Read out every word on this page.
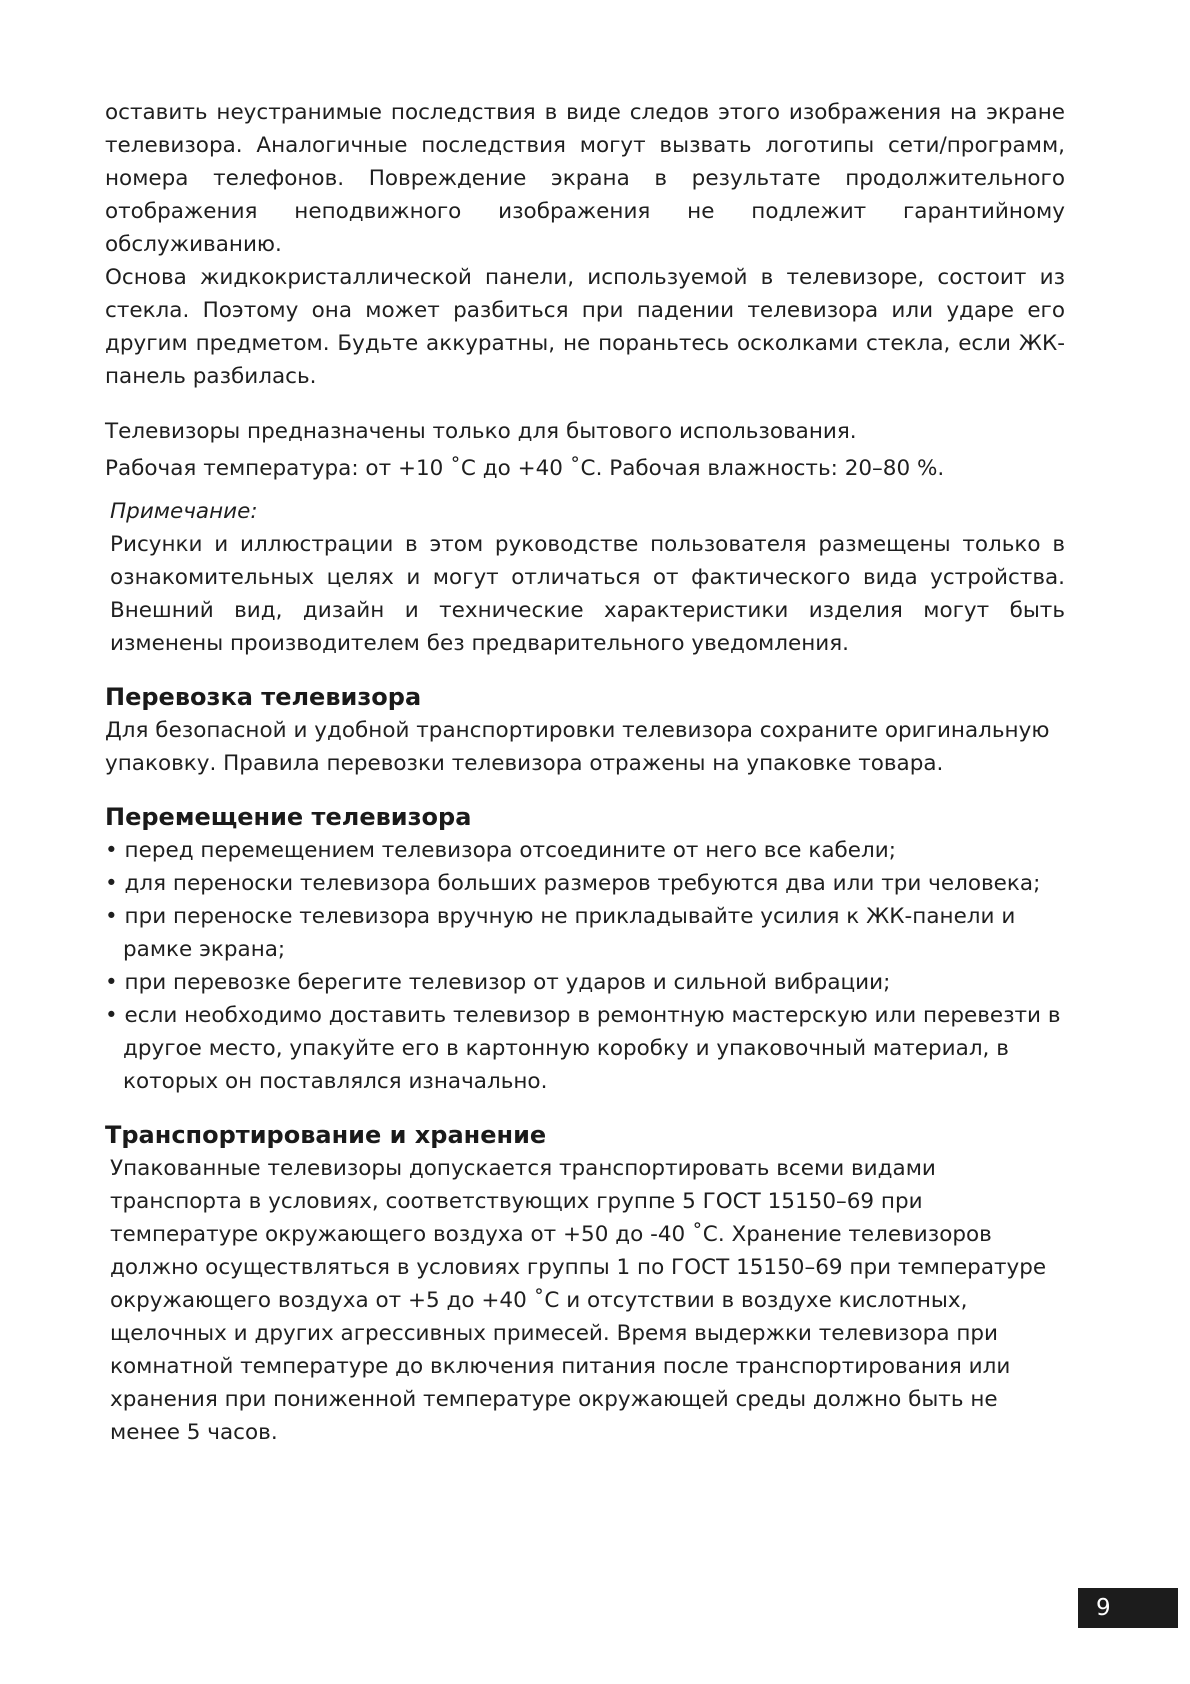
оставить неустранимые последствия в виде следов этого изображения на экране телевизора. Аналогичные последствия могут вызвать логотипы сети/программ, номера телефонов. Повреждение экрана в результате продолжительного отображения неподвижного изображения не подлежит гарантийному обслуживанию.

Основа жидкокристаллической панели, используемой в телевизоре, состоит из стекла. Поэтому она может разбиться при падении телевизора или ударе его другим предметом. Будьте аккуратны, не пораньтесь осколками стекла, если ЖК-панель разбилась.

Телевизоры предназначены только для бытового использования.

Рабочая температура: от +10 ˚С до +40 ˚С. Рабочая влажность: 20–80 %.

Примечание:

Рисунки и иллюстрации в этом руководстве пользователя размещены только в ознакомительных целях и могут отличаться от фактического вида устройства. Внешний вид, дизайн и технические характеристики изделия могут быть изменены производителем без предварительного уведомления.

Перевозка телевизора

Для безопасной и удобной транспортировки телевизора сохраните оригинальную упаковку. Правила перевозки телевизора отражены на упаковке товара.

Перемещение телевизора
• перед перемещением телевизора отсоедините от него все кабели;
• для переноски телевизора больших размеров требуются два или три человека;
• при переноске телевизора вручную не прикладывайте усилия к ЖК-панели и рамке экрана;
• при перевозке берегите телевизор от ударов и сильной вибрации;
• если необходимо доставить телевизор в ремонтную мастерскую или перевезти в другое место, упакуйте его в картонную коробку и упаковочный материал, в которых он поставлялся изначально.
Транспортирование и хранение

Упакованные телевизоры допускается транспортировать всеми видами транспорта в условиях, соответствующих группе 5 ГОСТ 15150–69 при температуре окружающего воздуха от +50 до -40 ˚С. Хранение телевизоров должно осуществляться в условиях группы 1 по ГОСТ 15150–69 при температуре окружающего воздуха от +5 до +40 ˚С и отсутствии в воздухе кислотных, щелочных и других агрессивных примесей. Время выдержки телевизора при комнатной температуре до включения питания после транспортирования или хранения при пониженной температуре окружающей среды должно быть не менее 5 часов.

9
